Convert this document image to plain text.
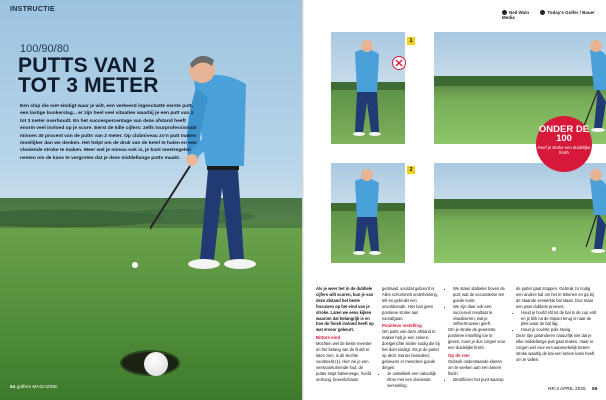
INSTRUCTIE
100/90/80
PUTTS VAN 2 TOT 3 METER
Een chip die niet eindigt waar je wilt, een verkeerd ingeschatte eerste putt, een lastige bunkerslag... er zijn heel veel situaties waarbij je een putt van 2 tot 3 meter overhoudt. En het succespercentage van deze afstand heeft enorm veel invloed op je score. Eerst de kille cijfers: zelfs tourprofessionals missen 30 procent van de putts van 2 meter. Op clubniveau zo'n putt maken moeilijker dan we denken. Het helpt om de druk van de ketel te halen en een vloeiende stroke te maken. Meer wel je niveau ook is, je kunt meetregelen nemen om de kans te vergroten dat je deze middellange putts maakt.
54 golfers MAGAZINE
Neil Wain	Today's Golfer / Bauer Media
1
2
ONDER DE 100
Geef je stroke een duidelijke finish
Als je weer het in de dubbele cijfers wilt scoren, bun je van deze afstand het beste focussen op het eind van je stroke. Laten we eens kijken waarom dat belangrijk is en hoe de finish invloed heeft op wat ervoor gebeurt.
Bittere eind
Mochten wel de beste meester en het belang van de finish te laten zien, is dit slechte voorbeeld (1). Hier zie je een veelvoorkomende fout: de putter stopt halverwege, hoofd omhoog, bovenlichaam
gedraaid, voordat geboord is. Alles schommelt onderbreking, telt en gebruikt een onvoldoende. Hier kan geen positieve stroke aan voorafgaan.
Positieve instelling
Om putts van deze afstand te maken heb je een zekere, doelgerichte stroke nodig die bij het doel eindigt. Als je de putter op deze manier benaderd, gebeuren er meerdere goede dingen:
• Je ontwikkelt een natuurlijk ritme met een vloeiende versnelling.
• We staan stabieler boven de putt; wat de accuratesse ten goede komt.
• We zijn daar ook een succesvol resultaat te visualiseren, wat je zelfvertrouwen geeft.
Om je stroke de gewenste positieve instelling toe te geven, moet je dus zorgen voor een duidelijke finish.
Op de rem
Gebruik onderstaande ideeën om te werken aan een betere finish:
• Identificeer het punt waarop
de putter gaat stoppen. Gebruik zo nodig een andere bal om het te tekenen en ga bij de staande verwerkte bal staan. Doe maar een paar dubbele proeves.
• Houd je hoofd stil tot de bal in de cup valt en je blik na de impact terug is naar de plek waar de bal lag.
• Houd je voorste pols stevig.
Deze tips garanderen natuurlijk niet dat je elke middellange putt gaat maken, maar er zorgen wel voor een aanmerkelijk betere stroke waarbij de bal een betere kans heeft om te vallen.
NR.3 APRIL 2025 55
